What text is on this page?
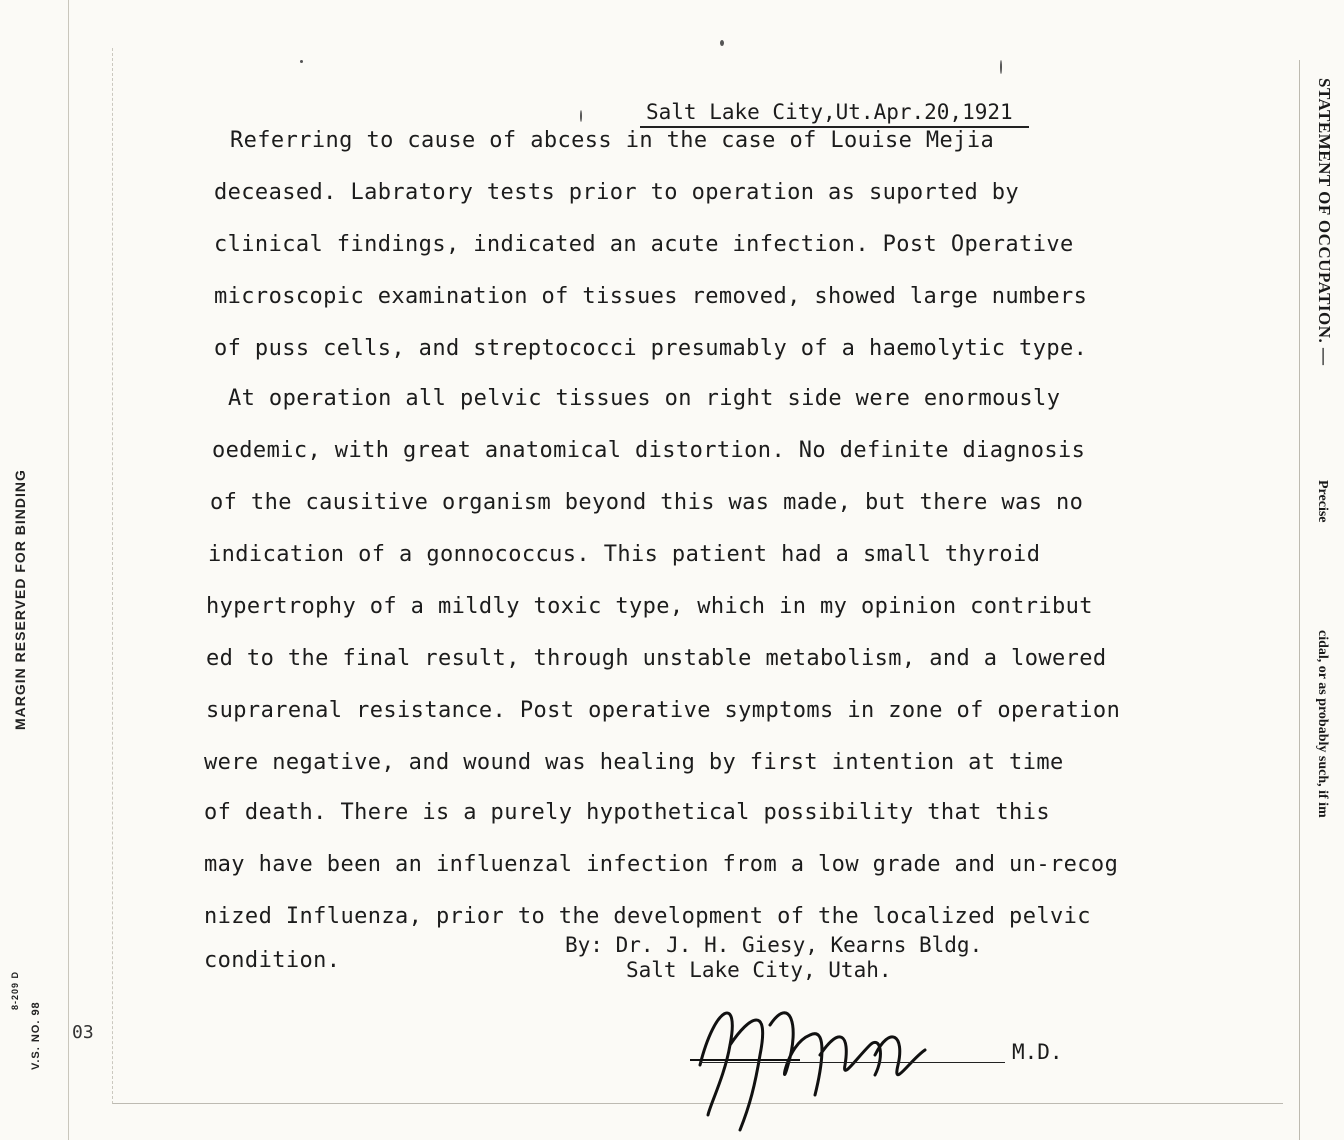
MARGIN RESERVED FOR BINDING
8-209 D
V.S. NO. 98 03
STATEMENT OF OCCUPATION. —
Precise
cidal, or as probably such, if im
Salt Lake City,Ut.Apr.20,1921
Referring to cause of abcess in the case of Louise Mejia
deceased. Labratory tests prior to operation as suported by
clinical findings, indicated an acute infection. Post Operative
microscopic examination of tissues removed, showed large numbers
of puss cells, and streptococci presumably of a haemolytic type.
At operation all pelvic tissues on right side were enormously
oedemic, with great anatomical distortion. No definite diagnosis
of the causitive organism beyond this was made, but there was no
indication of a gonnococcus. This patient had a small thyroid
hypertrophy of a mildly toxic type, which in my opinion contribut
ed to the final result, through unstable metabolism, and a lowered
suprarenal resistance. Post operative symptoms in zone of operation
were negative, and wound was healing by first intention at time
of death. There is a purely hypothetical possibility that this
may have been an influenzal infection from a low grade and un-recog
nized Influenza, prior to the development of the localized pelvic
condition.
By: Dr. J. H. Giesy, Kearns Bldg.
Salt Lake City, Utah.
M.D.
